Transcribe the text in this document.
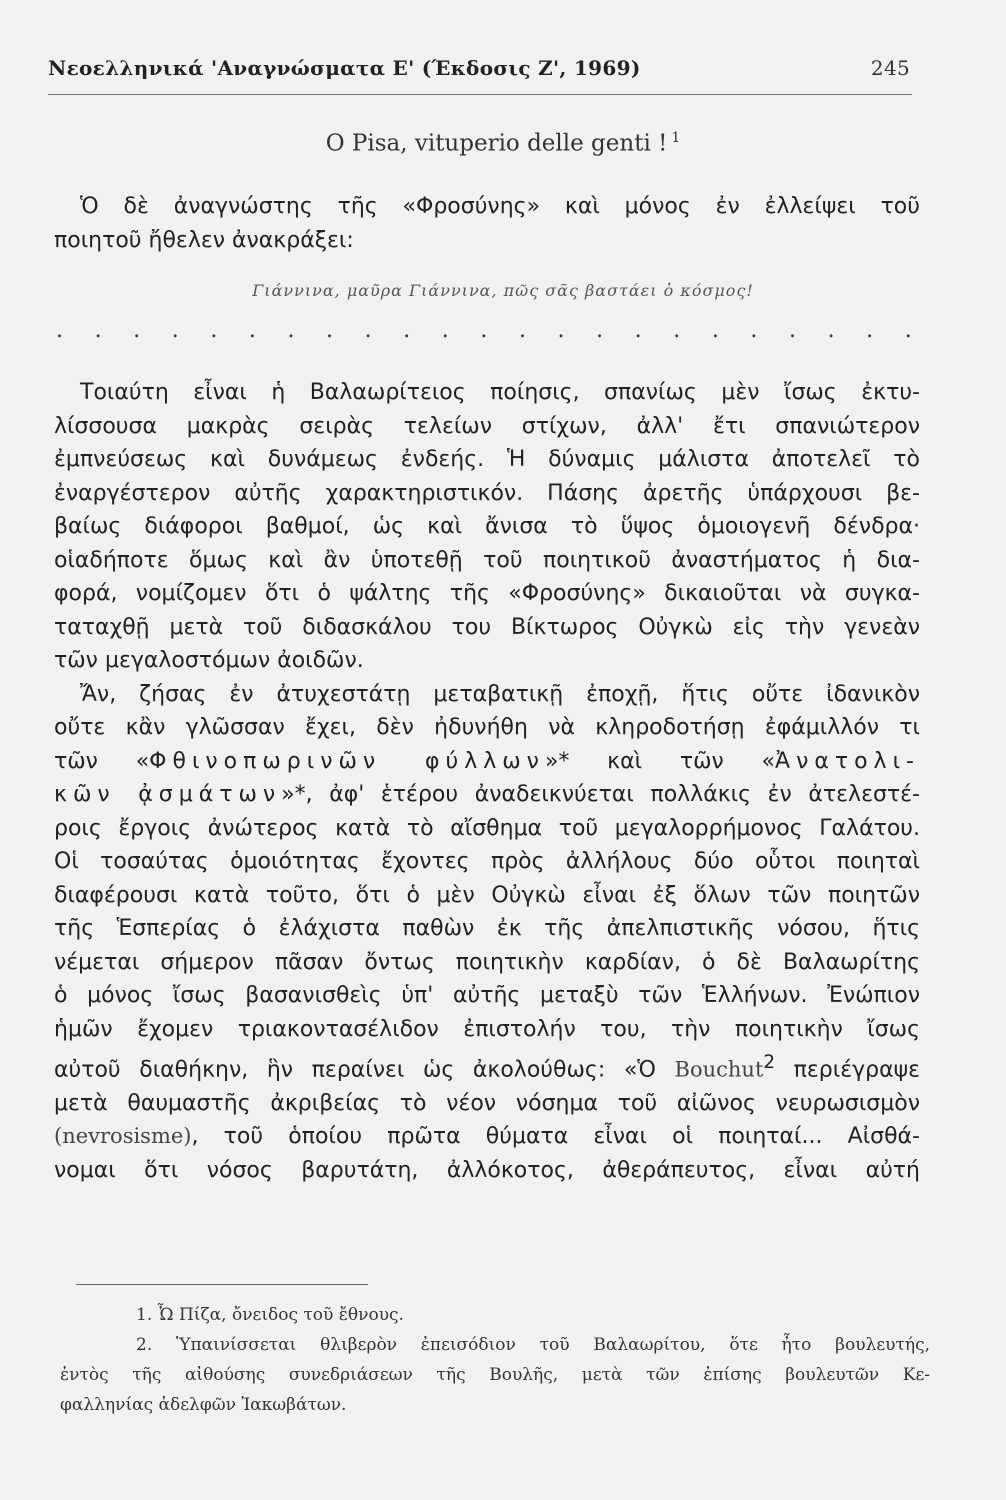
Νεοελληνικά 'Αναγνώσματα Ε' (Έκδοσις Ζ', 1969)	245
O Pisa, vituperio delle genti ! $^1$
Ὁ δὲ ἀναγνώστης τῆς «Φροσύνης» καὶ μόνος ἐν ἐλλείψει τοῦ
ποιητοῦ ἤθελεν ἀνακράξει:
Γιάννινα, μαῦρα Γιάννινα, πῶς σᾶς βαστάει ὁ κόσμος!
. . . . . . . . . . . . . . . . . . . . . . .
Τοιαύτη εἶναι ἡ Βαλαωρίτειος ποίησις, σπανίως μὲν ἴσως ἐκτυ-
λίσσουσα μακρὰς σειρὰς τελείων στίχων, ἀλλ' ἔτι σπανιώτερον
ἐμπνεύσεως καὶ δυνάμεως ἐνδεής. Ἡ δύναμις μάλιστα ἀποτελεῖ τὸ
ἐναργέστερον αὐτῆς χαρακτηριστικόν. Πάσης ἀρετῆς ὑπάρχουσι βε-
βαίως διάφοροι βαθμοί, ὡς καὶ ἄνισα τὸ ὕψος ὁμοιογενῆ δένδρα·
οἱαδήποτε ὅμως καὶ ἂν ὑποτεθῇ τοῦ ποιητικοῦ ἀναστήματος ἡ δια-
φορά, νομίζομεν ὅτι ὁ ψάλτης τῆς «Φροσύνης» δικαιοῦται νὰ συγκα-
ταταχθῇ μετὰ τοῦ διδασκάλου του Βίκτωρος Οὐγκὼ εἰς τὴν γενεὰν
τῶν μεγαλοστόμων ἀοιδῶν.
Ἄν, ζήσας ἐν ἀτυχεστάτῃ μεταβατικῇ ἐποχῇ, ἥτις οὔτε ἰδανικὸν
οὔτε κἂν γλῶσσαν ἔχει, δὲν ἠδυνήθη νὰ κληροδοτήσῃ ἐφάμιλλόν τι
τῶν «Φθινοπωρινῶν φύλλων»* καὶ τῶν «Ἀνατολι-
κῶν ᾀσμάτων»*, ἀφ' ἑτέρου ἀναδεικνύεται πολλάκις ἐν ἀτελεστέ-
ροις ἔργοις ἀνώτερος κατὰ τὸ αἴσθημα τοῦ μεγαλορρήμονος Γαλάτου.
Οἱ τοσαύτας ὁμοιότητας ἔχοντες πρὸς ἀλλήλους δύο οὗτοι ποιηταὶ
διαφέρουσι κατὰ τοῦτο, ὅτι ὁ μὲν Οὐγκὼ εἶναι ἐξ ὅλων τῶν ποιητῶν
τῆς Ἑσπερίας ὁ ἐλάχιστα παθὼν ἐκ τῆς ἀπελπιστικῆς νόσου, ἥτις
νέμεται σήμερον πᾶσαν ὄντως ποιητικὴν καρδίαν, ὁ δὲ Βαλαωρίτης
ὁ μόνος ἴσως βασανισθεὶς ὑπ' αὐτῆς μεταξὺ τῶν Ἑλλήνων. Ἐνώπιον
ἡμῶν ἔχομεν τριακοντασέλιδον ἐπιστολήν του, τὴν ποιητικὴν ἴσως
αὐτοῦ διαθήκην, ἣν περαίνει ὡς ἀκολούθως: «Ὁ Bouchut$^2$ περιέγραψε
μετὰ θαυμαστῆς ἀκριβείας τὸ νέον νόσημα τοῦ αἰῶνος νευρωσισμὸν
(nevrosisme), τοῦ ὁποίου πρῶτα θύματα εἶναι οἱ ποιηταί... Αἰσθά-
νομαι ὅτι νόσος βαρυτάτη, ἀλλόκοτος, ἀθεράπευτος, εἶναι αὐτή
1. Ὦ Πίζα, ὄνειδος τοῦ ἔθνους.
2. Ὑπαινίσσεται θλιβερὸν ἐπεισόδιον τοῦ Βαλαωρίτου, ὅτε ἦτο βουλευτής,
ἐντὸς τῆς αἰθούσης συνεδριάσεων τῆς Βουλῆς, μετὰ τῶν ἐπίσης βουλευτῶν Κε-
φαλληνίας ἀδελφῶν Ἰακωβάτων.
